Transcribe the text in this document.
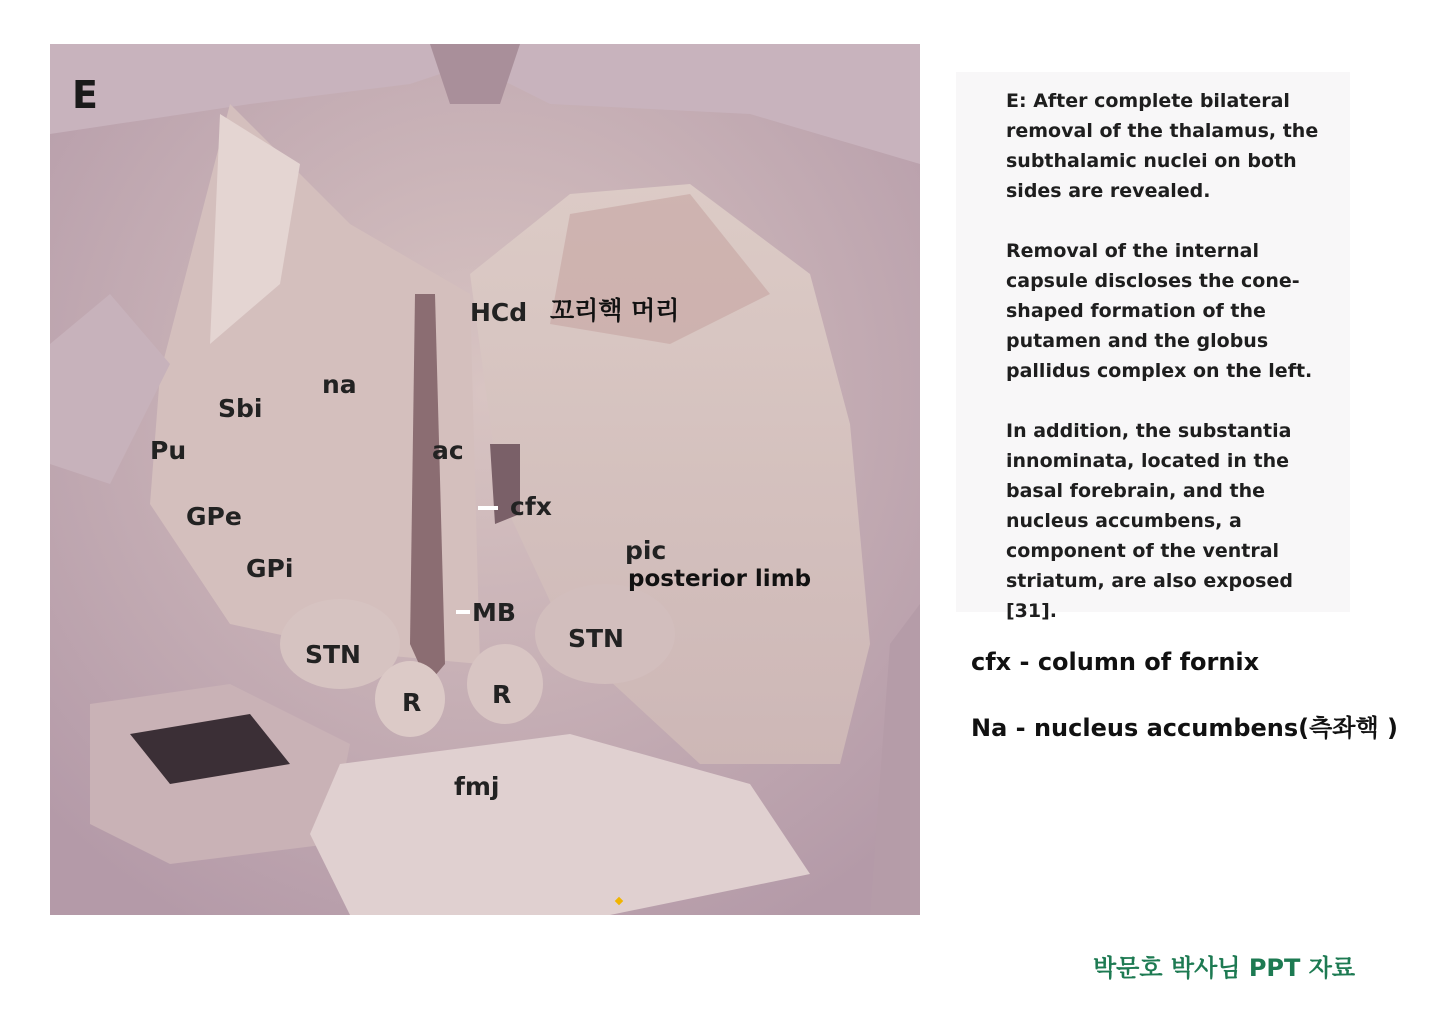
E
HCd 꼬리핵 머리
na
Sbi
Pu	ac
cfx
GPe
GPi
pic
posterior limb
MB
STN
STN
R	R
fmj

E: After complete bilateral
removal of the thalamus, the
subthalamic nuclei on both
sides are revealed.

Removal of the internal
capsule discloses the cone-
shaped formation of the
putamen and the globus
pallidus complex on the left.

In addition, the substantia
innominata, located in the
basal forebrain, and the
nucleus accumbens, a
component of the ventral
striatum, are also exposed [31].

cfx - column of fornix
Na - nucleus accumbens(측좌핵 )
박문호 박사님 PPT 자료
